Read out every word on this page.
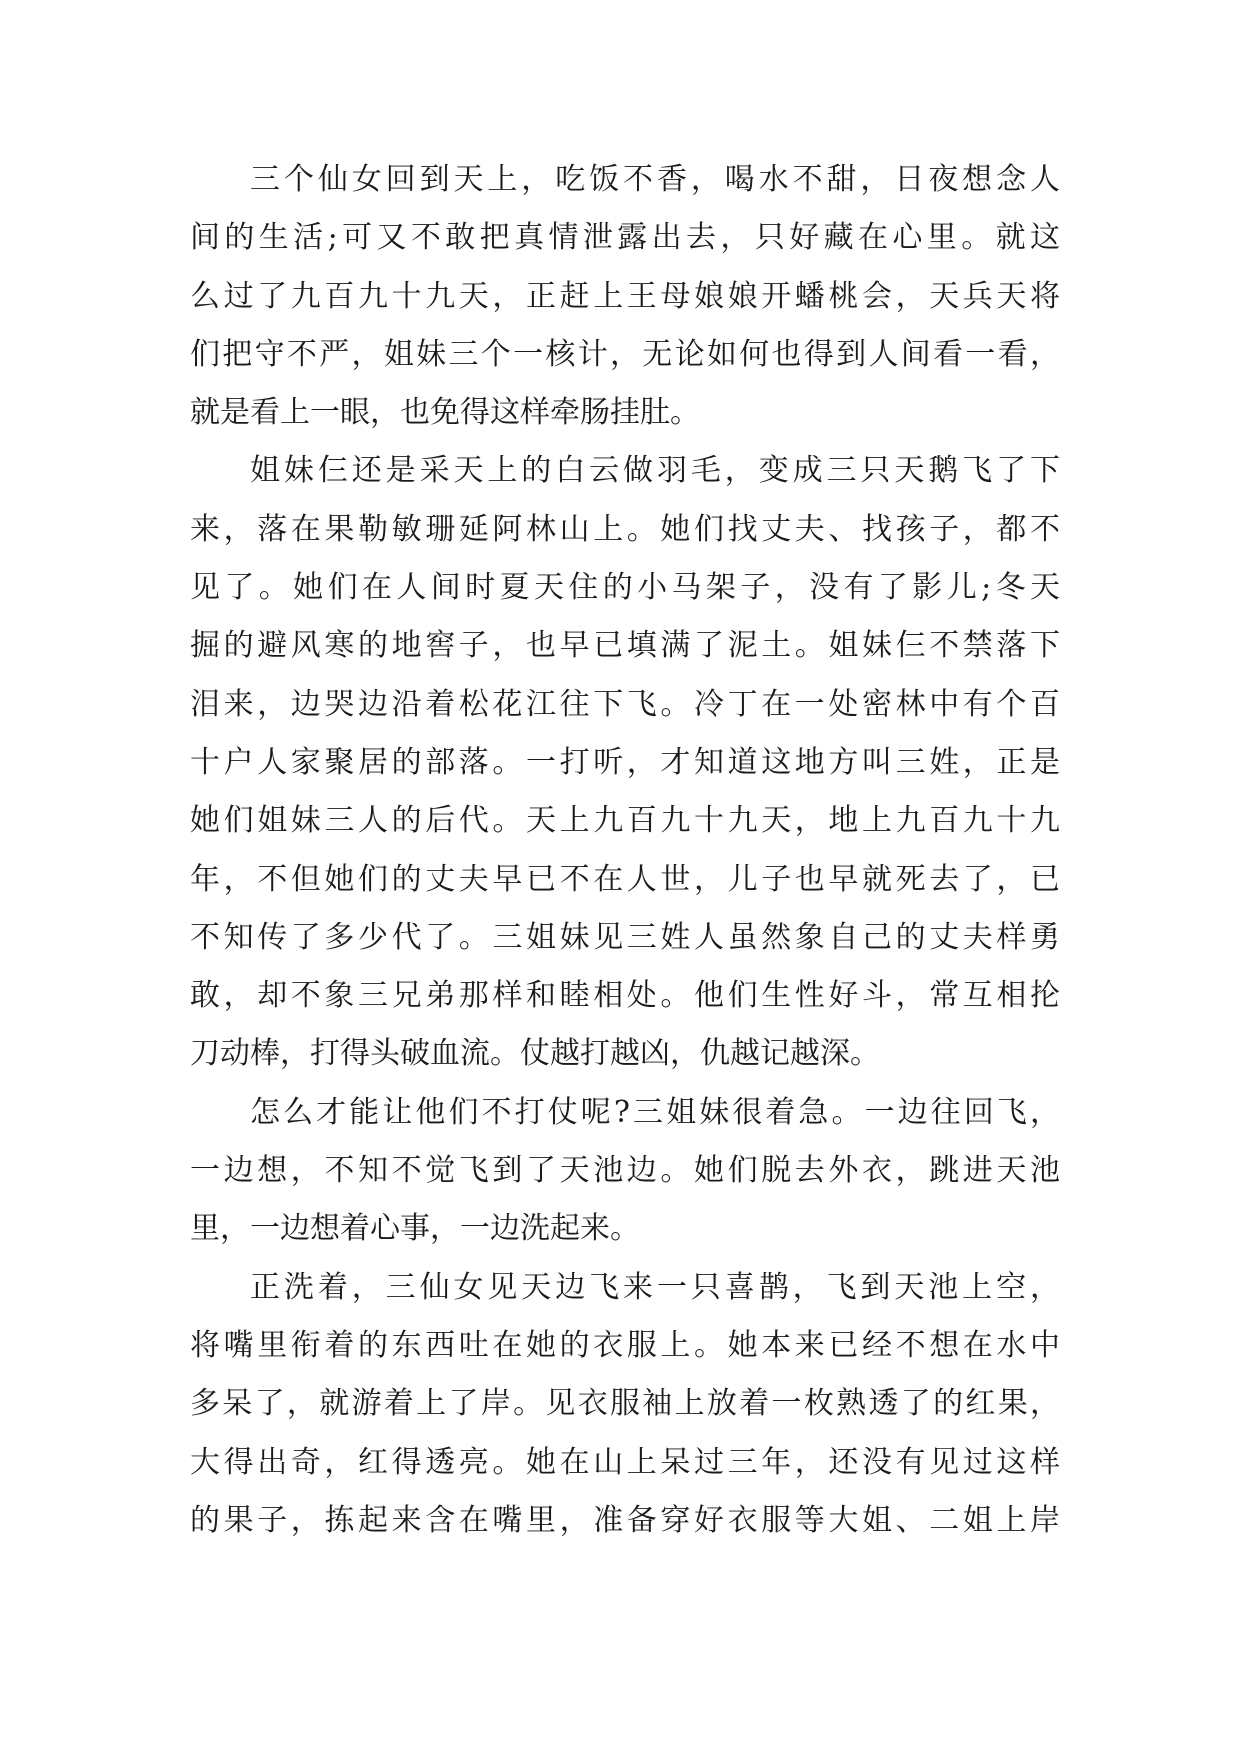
三个仙女回到天上，吃饭不香，喝水不甜，日夜想念人
间的生活;可又不敢把真情泄露出去，只好藏在心里。就这
么过了九百九十九天，正赶上王母娘娘开蟠桃会，天兵天将
们把守不严，姐妹三个一核计，无论如何也得到人间看一看，
就是看上一眼，也免得这样牵肠挂肚。
姐妹仨还是采天上的白云做羽毛，变成三只天鹅飞了下
来，落在果勒敏珊延阿林山上。她们找丈夫、找孩子，都不
见了。她们在人间时夏天住的小马架子，没有了影儿;冬天
掘的避风寒的地窖子，也早已填满了泥土。姐妹仨不禁落下
泪来，边哭边沿着松花江往下飞。冷丁在一处密林中有个百
十户人家聚居的部落。一打听，才知道这地方叫三姓，正是
她们姐妹三人的后代。天上九百九十九天，地上九百九十九
年，不但她们的丈夫早已不在人世，儿子也早就死去了，已
不知传了多少代了。三姐妹见三姓人虽然象自己的丈夫样勇
敢，却不象三兄弟那样和睦相处。他们生性好斗，常互相抡
刀动棒，打得头破血流。仗越打越凶，仇越记越深。
怎么才能让他们不打仗呢?三姐妹很着急。一边往回飞，
一边想，不知不觉飞到了天池边。她们脱去外衣，跳进天池
里，一边想着心事，一边洗起来。
正洗着，三仙女见天边飞来一只喜鹊，飞到天池上空，
将嘴里衔着的东西吐在她的衣服上。她本来已经不想在水中
多呆了，就游着上了岸。见衣服袖上放着一枚熟透了的红果，
大得出奇，红得透亮。她在山上呆过三年，还没有见过这样
的果子，拣起来含在嘴里，准备穿好衣服等大姐、二姐上岸
